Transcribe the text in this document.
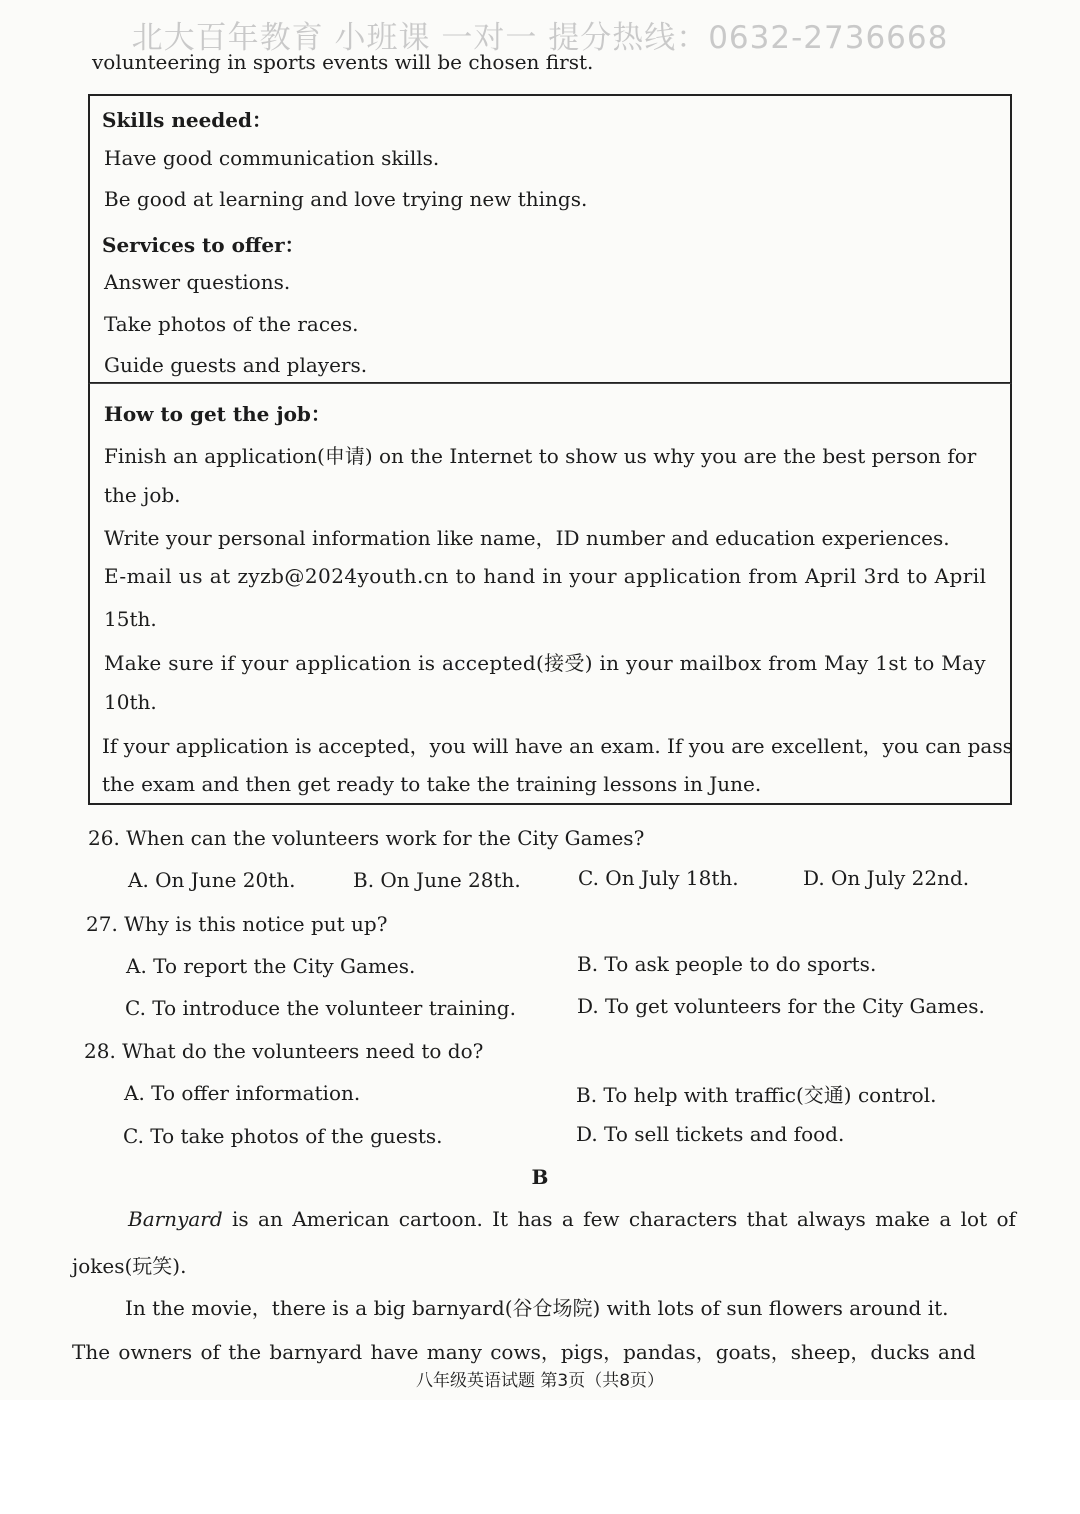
北大百年教育 小班课 一对一 提分热线：0632-2736668
volunteering in sports events will be chosen first.
Skills needed：
Have good communication skills.
Be good at learning and love trying new things.
Services to offer：
Answer questions.
Take photos of the races.
Guide guests and players.
How to get the job：
Finish an application(申请) on the Internet to show us why you are the best person for
the job.
Write your personal information like name，ID number and education experiences.
E-mail us at zyzb@2024youth.cn to hand in your application from April 3rd to April
15th.
Make sure if your application is accepted(接受) in your mailbox from May 1st to May
10th.
If your application is accepted，you will have an exam. If you are excellent，you can pass
the exam and then get ready to take the training lessons in June.
26. When can the volunteers work for the City Games?
A. On June 20th.	B. On June 28th.	C. On July 18th.	D. On July 22nd.
27. Why is this notice put up?
A. To report the City Games.	B. To ask people to do sports.
C. To introduce the volunteer training.	D. To get volunteers for the City Games.
28. What do the volunteers need to do?
A. To offer information.	B. To help with traffic(交通) control.
C. To take photos of the guests.	D. To sell tickets and food.
B
Barnyard is an American cartoon. It has a few characters that always make a lot of
jokes(玩笑).
In the movie，there is a big barnyard(谷仓场院) with lots of sun flowers around it.
The owners of the barnyard have many cows，pigs，pandas，goats，sheep，ducks and
八年级英语试题 第3页（共8页）
